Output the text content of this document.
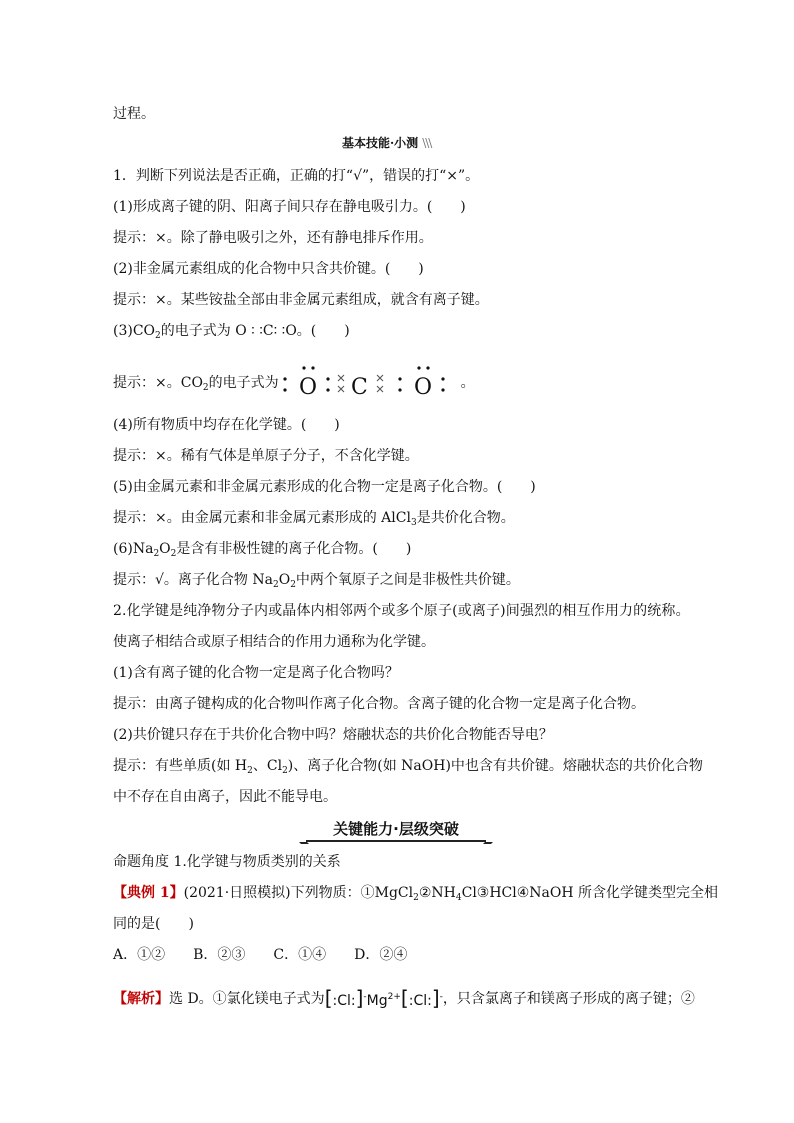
过程。
基本技能·小测 \\\
1．判断下列说法是否正确，正确的打“√”，错误的打“×”。
(1)形成离子键的阴、阳离子间只存在静电吸引力。(　　)
提示：×。除了静电吸引之外，还有静电排斥作用。
(2)非金属元素组成的化合物中只含共价键。(　　)
提示：×。某些铵盐全部由非金属元素组成，就含有离子键。
$(3)CO_2$的电子式为 O ∶ ∶C∶ ∶O。(　　)
提示：×。$CO_2$的电子式为 O C O 。
(4)所有物质中均存在化学键。(　　)
提示：×。稀有气体是单原子分子，不含化学键。
(5)由金属元素和非金属元素形成的化合物一定是离子化合物。(　　)
提示：×。由金属元素和非金属元素形成的 AlCl$_3$是共价化合物。
$(6)Na_2O_2$是含有非极性键的离子化合物。(　　)
提示：√。离子化合物 $Na_2O_2$中两个氧原子之间是非极性共价键。
2.化学键是纯净物分子内或晶体内相邻两个或多个原子(或离子)间强烈的相互作用力的统称。
使离子相结合或原子相结合的作用力通称为化学键。
(1)含有离子键的化合物一定是离子化合物吗？
提示：由离子键构成的化合物叫作离子化合物。含离子键的化合物一定是离子化合物。
(2)共价键只存在于共价化合物中吗？熔融状态的共价化合物能否导电？
提示：有些单质(如 $H_2$、$Cl_2$)、离子化合物(如 NaOH)中也含有共价键。熔融状态的共价化合物
中不存在自由离子，因此不能导电。
关键能力·层级突破
命题角度 1.化学键与物质类别的关系
【典例 1】(2021·日照模拟)下列物质：$①MgCl_2②NH_4Cl③HCl④NaOH$ 所含化学键类型完全相
同的是(　　)
A．①②　　B．②③　　C．①④　　D．②④
【解析】选 D。①氯化镁电子式为$[:Cl:]^-Mg^{2+}[:Cl:]^-$，只含氯离子和镁离子形成的离子键；②
